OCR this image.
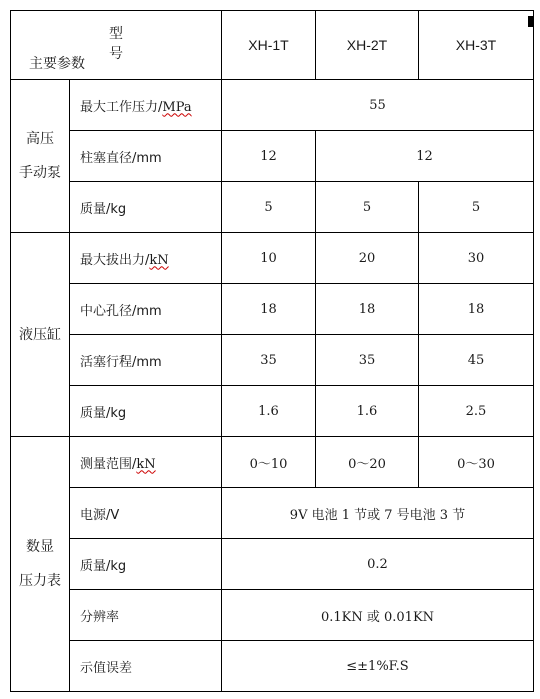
型 号
主要参数		XH-1T	XH-2T	XH-3T

高压
手动泵	最大工作压力/MPa	55		
	柱塞直径/mm	12	12	
	质量/kg	5	5	5
液压缸	最大拔出力/kN	10	20	30
	中心孔径/mm	18	18	18
	活塞行程/mm	35	35	45
	质量/kg	1.6	1.6	2.5

数显
压力表	测量范围/kN	0～10	0～20	0～30
	电源/V	9V 电池 1 节或 7 号电池 3 节		
	质量/kg	0.2		
	分辨率	0.1KN 或 0.01KN		
	示值误差	≤±1%F.S		
